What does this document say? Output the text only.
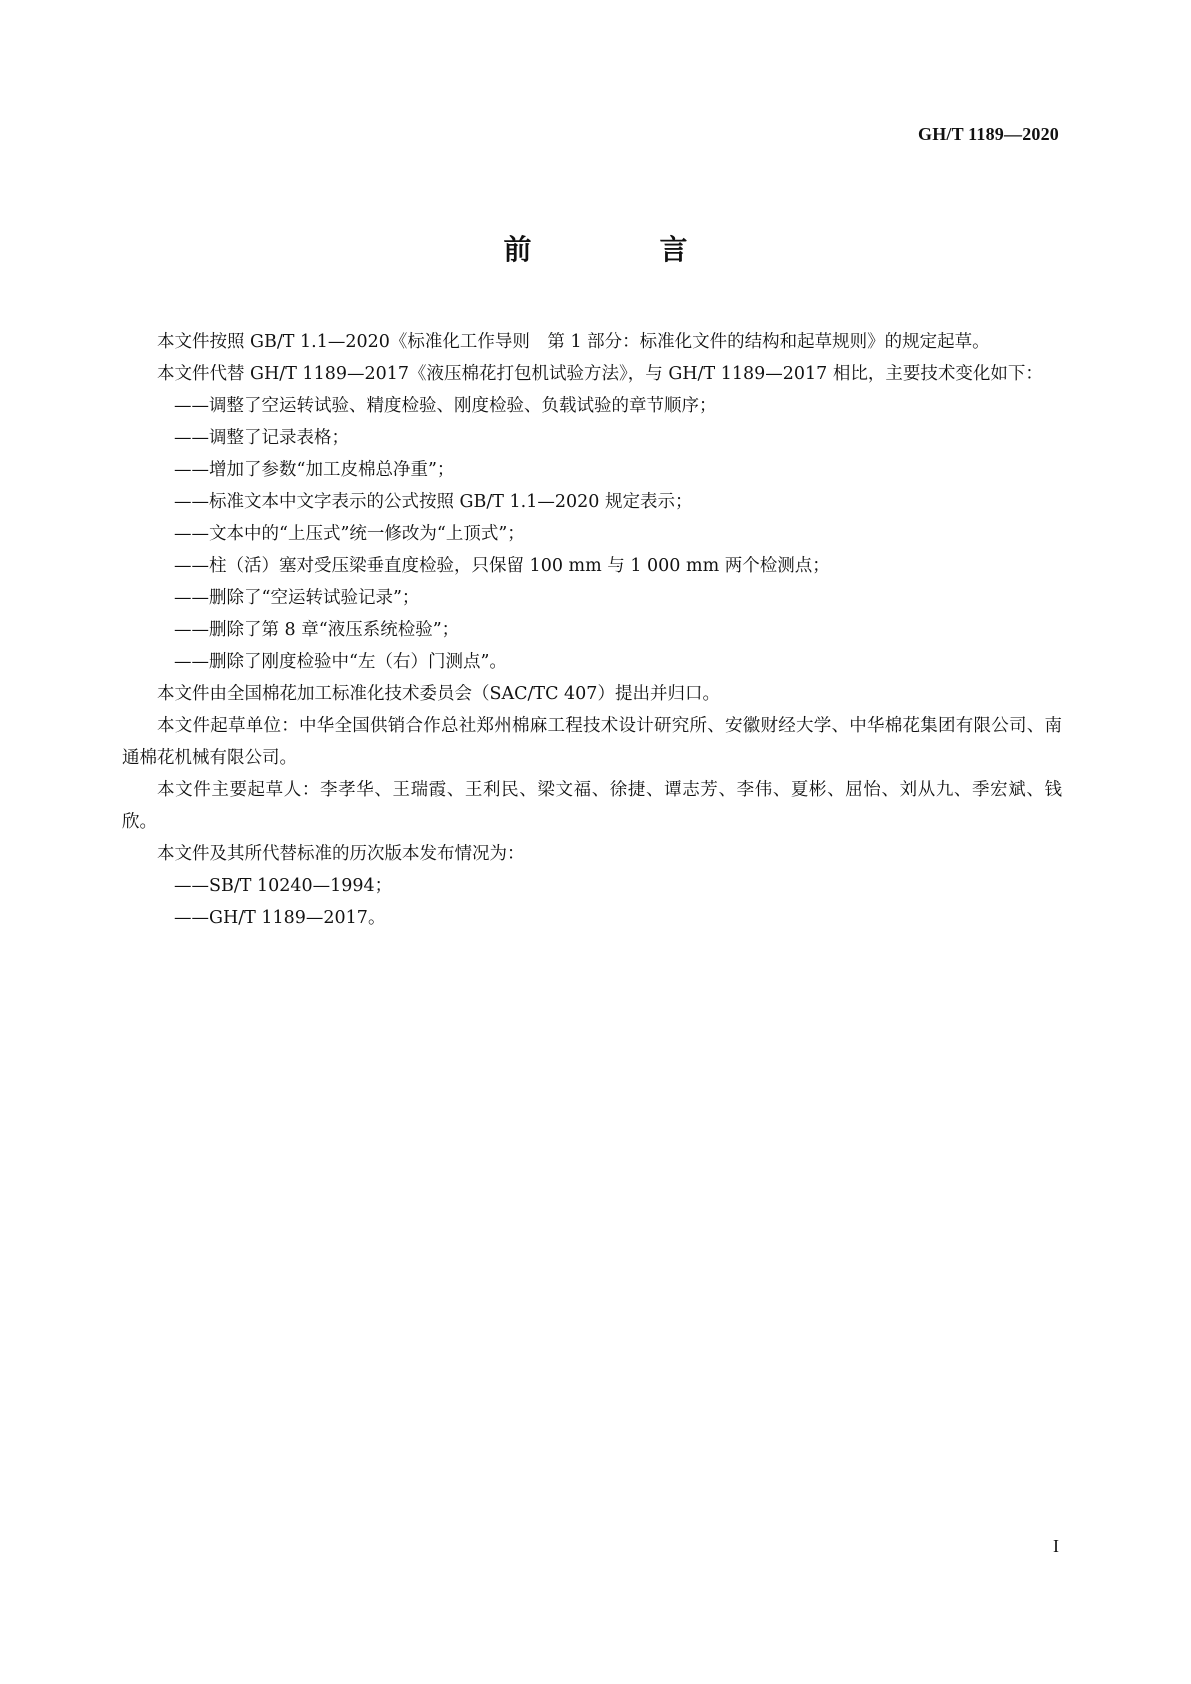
GH/T 1189—2020
前　言

本文件按照 GB/T 1.1—2020《标准化工作导则　第 1 部分：标准化文件的结构和起草规则》的规定起草。

本文件代替 GH/T 1189—2017《液压棉花打包机试验方法》，与 GH/T 1189—2017 相比，主要技术变化如下：

——调整了空运转试验、精度检验、刚度检验、负载试验的章节顺序；

——调整了记录表格；

——增加了参数“加工皮棉总净重”；

——标准文本中文字表示的公式按照 GB/T 1.1—2020 规定表示；

——文本中的“上压式”统一修改为“上顶式”；

——柱（活）塞对受压梁垂直度检验，只保留 100 mm 与 1 000 mm 两个检测点；

——删除了“空运转试验记录”；

——删除了第 8 章“液压系统检验”；

——删除了刚度检验中“左（右）门测点”。

本文件由全国棉花加工标准化技术委员会（SAC/TC 407）提出并归口。

本文件起草单位：中华全国供销合作总社郑州棉麻工程技术设计研究所、安徽财经大学、中华棉花集团有限公司、南通棉花机械有限公司。

本文件主要起草人：李孝华、王瑞霞、王利民、梁文福、徐捷、谭志芳、李伟、夏彬、屈怡、刘从九、季宏斌、钱欣。

本文件及其所代替标准的历次版本发布情况为：

——SB/T 10240—1994；

——GH/T 1189—2017。

I
